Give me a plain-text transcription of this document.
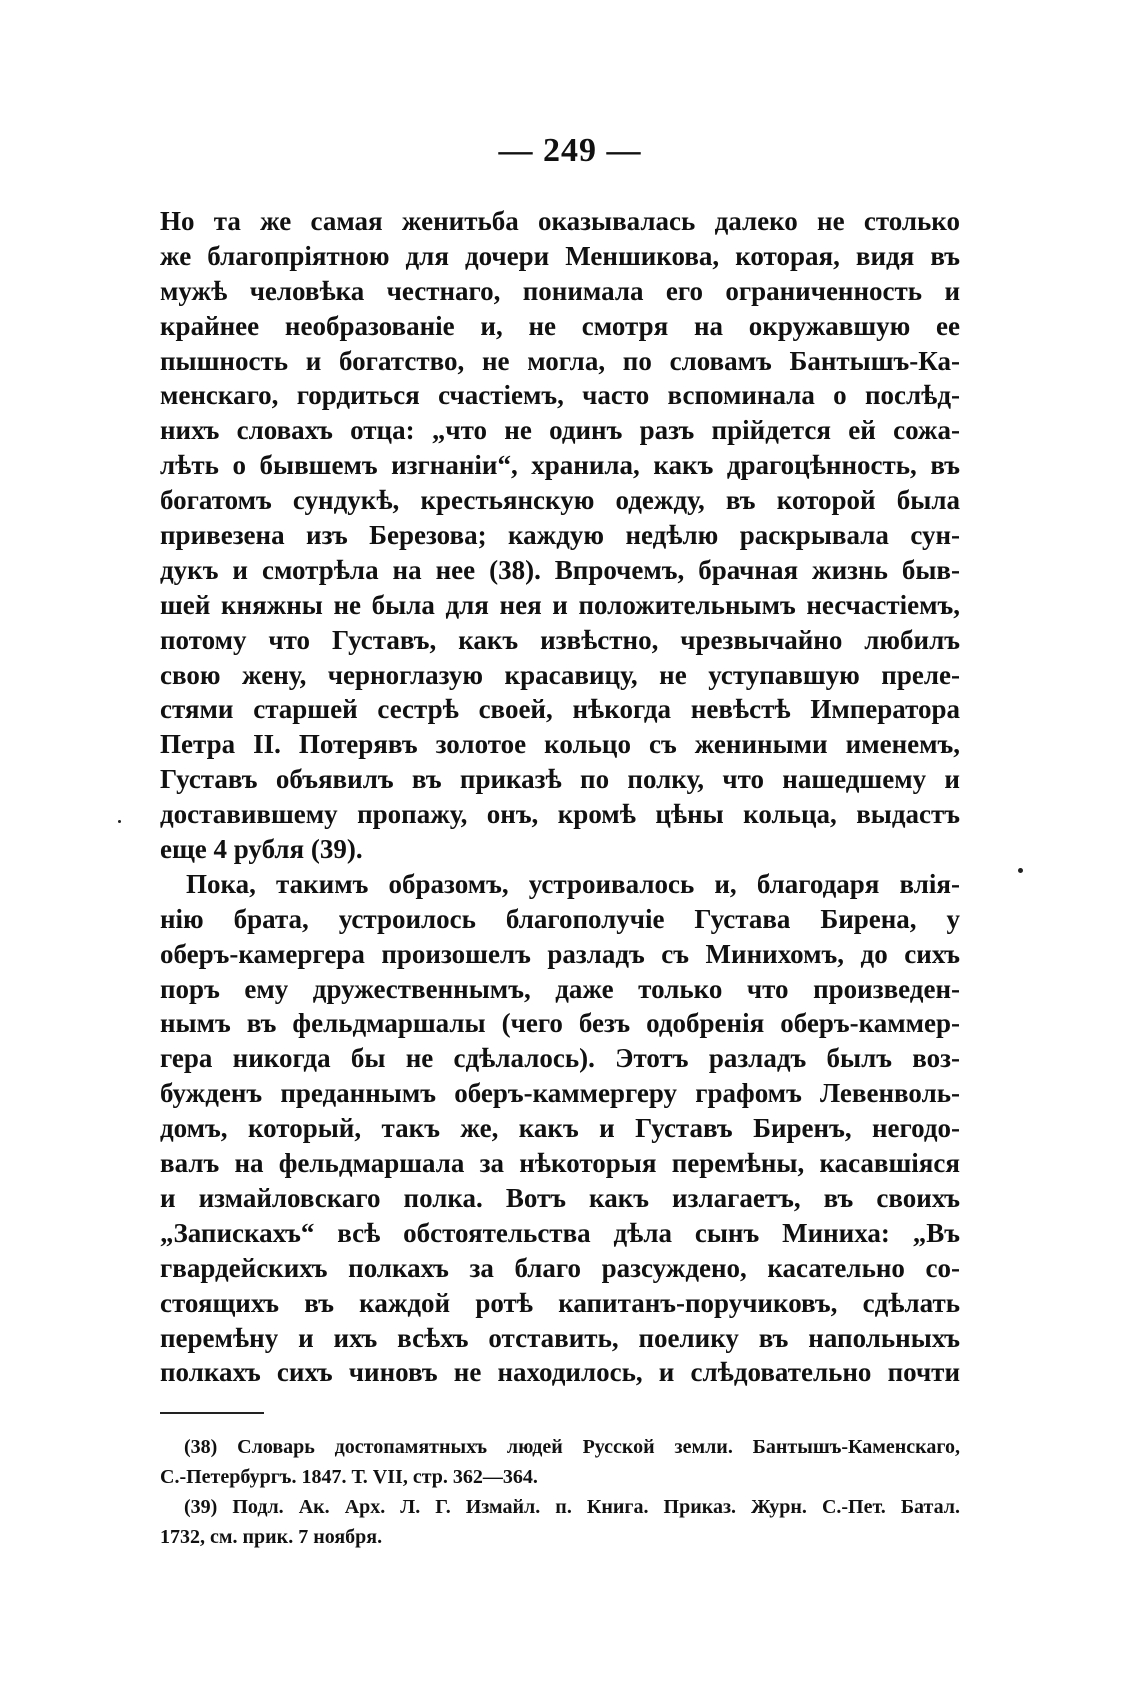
— 249 —
Но та же самая женитьба оказывалась далеко не столько
же благопріятною для дочери Меншикова, которая, видя въ
мужѣ человѣка честнаго, понимала его ограниченность и
крайнее необразованіе и, не смотря на окружавшую ее
пышность и богатство, не могла, по словамъ Бантышъ-Ка-
менскаго, гордиться счастіемъ, часто вспоминала о послѣд-
нихъ словахъ отца: „что не одинъ разъ прійдется ей сожа-
лѣть о бывшемъ изгнаніи“, хранила, какъ драгоцѣнность, въ
богатомъ сундукѣ, крестьянскую одежду, въ которой была
привезена изъ Березова; каждую недѣлю раскрывала сун-
дукъ и смотрѣла на нее (38). Впрочемъ, брачная жизнь быв-
шей княжны не была для нея и положительнымъ несчастіемъ,
потому что Густавъ, какъ извѣстно, чрезвычайно любилъ
свою жену, черноглазую красавицу, не уступавшую преле-
стями старшей сестрѣ своей, нѣкогда невѣстѣ Императора
Петра II. Потерявъ золотое кольцо съ жениными именемъ,
Густавъ объявилъ въ приказѣ по полку, что нашедшему и
доставившему пропажу, онъ, кромѣ цѣны кольца, выдастъ
еще 4 рубля (39).
Пока, такимъ образомъ, устроивалось и, благодаря влія-
нію брата, устроилось благополучіе Густава Бирена, у
оберъ-камергера произошелъ разладъ съ Минихомъ, до сихъ
поръ ему дружественнымъ, даже только что произведен-
нымъ въ фельдмаршалы (чего безъ одобренія оберъ-каммер-
гера никогда бы не сдѣлалось). Этотъ разладъ былъ воз-
бужденъ преданнымъ оберъ-каммергеру графомъ Левенволь-
домъ, который, такъ же, какъ и Густавъ Биренъ, негодо-
валъ на фельдмаршала за нѣкоторыя перемѣны, касавшіяся
и измайловскаго полка. Вотъ какъ излагаетъ, въ своихъ
„Запискахъ“ всѣ обстоятельства дѣла сынъ Миниха: „Въ
гвардейскихъ полкахъ за благо разсуждено, касательно со-
стоящихъ въ каждой ротѣ капитанъ-поручиковъ, сдѣлать
перемѣну и ихъ всѣхъ отставить, поелику въ напольныхъ
полкахъ сихъ чиновъ не находилось, и слѣдовательно почти
(38) Словарь достопамятныхъ людей Русской земли. Бантышъ-Каменскаго,
С.-Петербургъ. 1847. Т. VII, стр. 362—364.
(39) Подл. Ак. Арх. Л. Г. Измайл. п. Книга. Приказ. Журн. С.-Пет. Батал.
1732, см. прик. 7 ноября.
